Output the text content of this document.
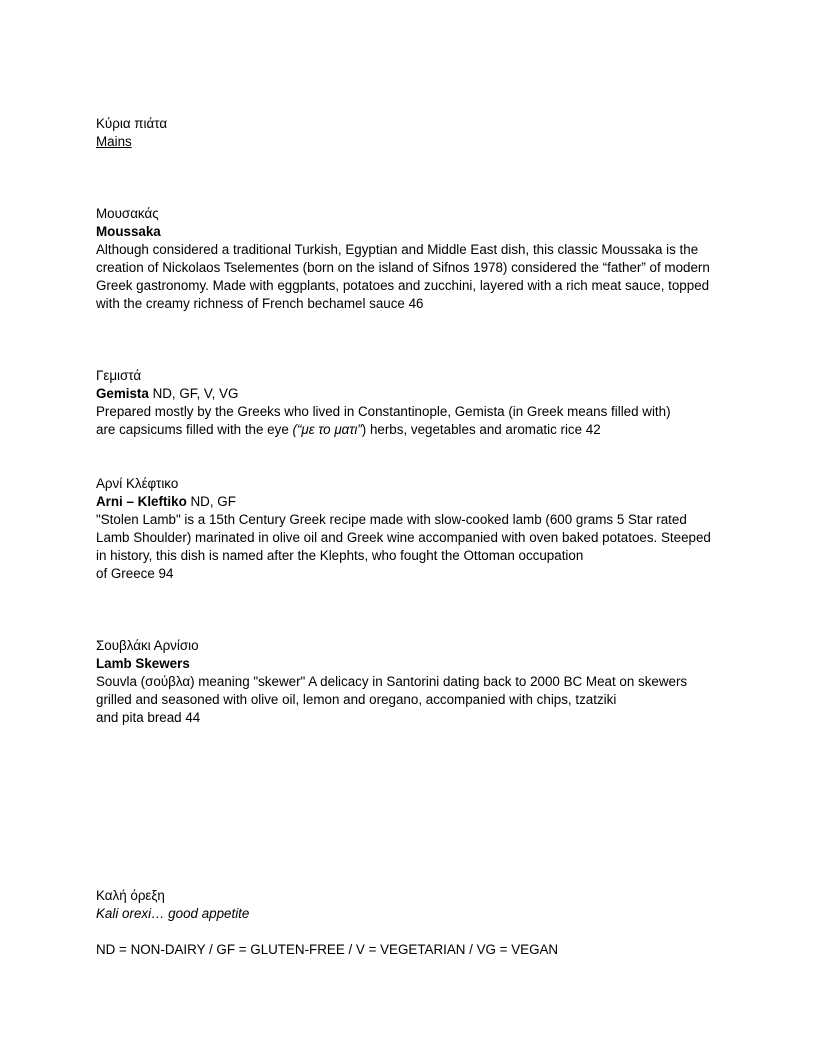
Κύρια πιάτα
Mains
Μουσακάς
Moussaka
Although considered a traditional Turkish, Egyptian and Middle East dish, this classic Moussaka is the
creation of Nickolaos Tselementes (born on the island of Sifnos 1978) considered the “father” of modern
Greek gastronomy. Made with eggplants, potatoes and zucchini, layered with a rich meat sauce, topped
with the creamy richness of French bechamel sauce 46
Γεμιστά
Gemista ND, GF, V, VG
Prepared mostly by the Greeks who lived in Constantinople, Gemista (in Greek means filled with)
are capsicums filled with the eye (“με το ματι”) herbs, vegetables and aromatic rice 42
Αρνί Κλέφτικο
Arni – Kleftiko ND, GF
"Stolen Lamb" is a 15th Century Greek recipe made with slow-cooked lamb (600 grams 5 Star rated
Lamb Shoulder) marinated in olive oil and Greek wine accompanied with oven baked potatoes. Steeped
in history, this dish is named after the Klephts, who fought the Ottoman occupation
of Greece 94
Σουβλάκι Αρνίσιο
Lamb Skewers
Souvla (σούβλα) meaning "skewer" A delicacy in Santorini dating back to 2000 BC Meat on skewers
grilled and seasoned with olive oil, lemon and oregano, accompanied with chips, tzatziki
and pita bread 44
Καλή όρεξη
Kali orexi… good appetite
ND = NON-DAIRY / GF = GLUTEN-FREE / V = VEGETARIAN / VG = VEGAN
